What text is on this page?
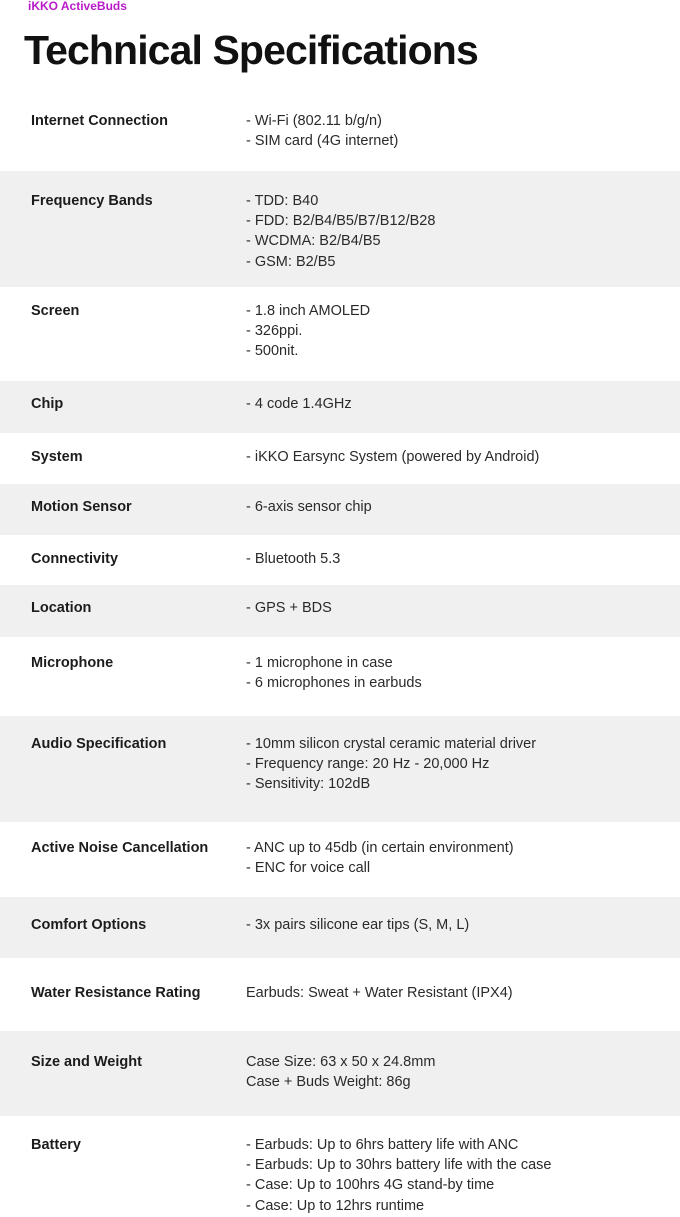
iKKO ActiveBuds
Technical Specifications
Internet Connection	- Wi-Fi (802.11 b/g/n)
- SIM card (4G internet)
Frequency Bands	- TDD: B40
- FDD: B2/B4/B5/B7/B12/B28
- WCDMA: B2/B4/B5
- GSM: B2/B5
Screen	- 1.8 inch AMOLED
- 326ppi.
- 500nit.
Chip	- 4 code 1.4GHz
System	- iKKO Earsync System (powered by Android)
Motion Sensor	- 6-axis sensor chip
Connectivity	- Bluetooth 5.3
Location	- GPS + BDS
Microphone	- 1 microphone in case
- 6 microphones in earbuds
Audio Specification	- 10mm silicon crystal ceramic material driver
- Frequency range: 20 Hz - 20,000 Hz
- Sensitivity: 102dB
Active Noise Cancellation	- ANC up to 45db (in certain environment)
- ENC for voice call
Comfort Options	- 3x pairs silicone ear tips (S, M, L)
Water Resistance Rating	Earbuds: Sweat + Water Resistant (IPX4)
Size and Weight	Case Size: 63 x 50 x 24.8mm
Case + Buds Weight: 86g
Battery	- Earbuds: Up to 6hrs battery life with ANC
- Earbuds: Up to 30hrs battery life with the case
- Case: Up to 100hrs 4G stand-by time
- Case: Up to 12hrs runtime
